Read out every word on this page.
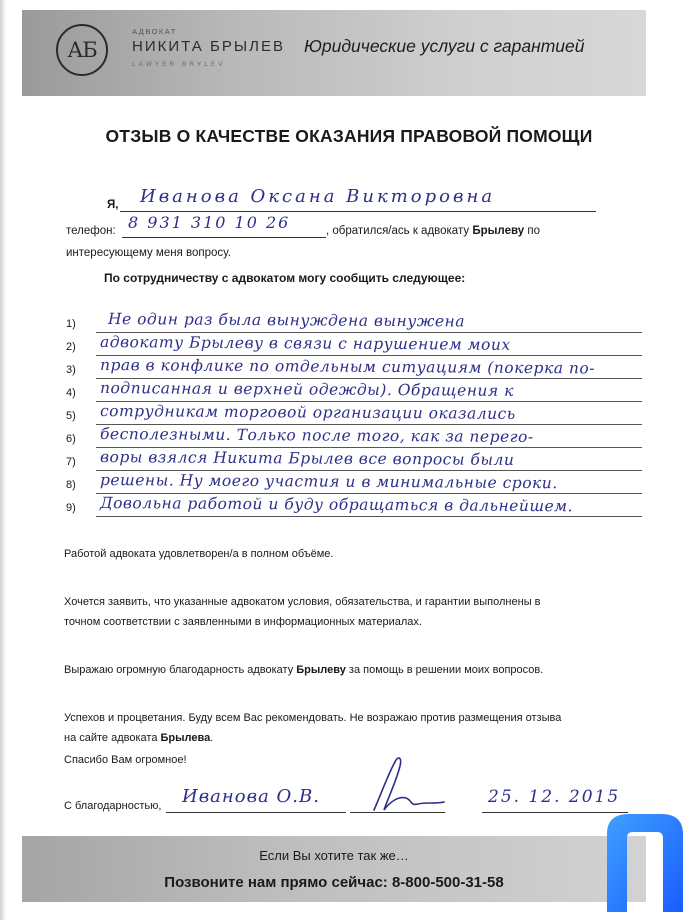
АБ
АДВОКАТ
НИКИТА БРЫЛЕВ
LAWYER BRYLEV
Юридические услуги с гарантией
ОТЗЫВ О КАЧЕСТВЕ ОКАЗАНИЯ ПРАВОВОЙ ПОМОЩИ
Я, Иванова Оксана Викторовна
телефон: 8 931 310 10 26	, обратился/ась к адвокату Брылеву по
интересующему меня вопросу.
По сотрудничеству с адвокатом могу сообщить следующее:
1)
2)
3)
4)
5)
6)
7)
8)
9)
Не один раз была вынуждена вынужена
адвокату Брылеву в связи с нарушением моих
прав в конфлике по отдельным ситуациям (покерка по-
подписанная и верхней одежды). Обращения к
сотрудникам торговой организации оказались
бесполезными. Только после того, как за перего-
воры взялся Никита Брылев все вопросы были
решены. Ну моего участия и в минимальные сроки.
Довольна работой и буду обращаться в дальнейшем.
Работой адвоката удовлетворен/а в полном объёме.
Хочется заявить, что указанные адвокатом условия, обязательства, и гарантии выполнены в
точном соответствии с заявленными в информационных материалах.
Выражаю огромную благодарность адвокату Брылеву за помощь в решении моих вопросов.
Успехов и процветания. Буду всем Вас рекомендовать. Не возражаю против размещения отзыва
на сайте адвоката Брылева.
Спасибо Вам огромное!
С благодарностью, Иванова О.В.	25. 12. 2015
Если Вы хотите так же…
Позвоните нам прямо сейчас: 8-800-500-31-58
